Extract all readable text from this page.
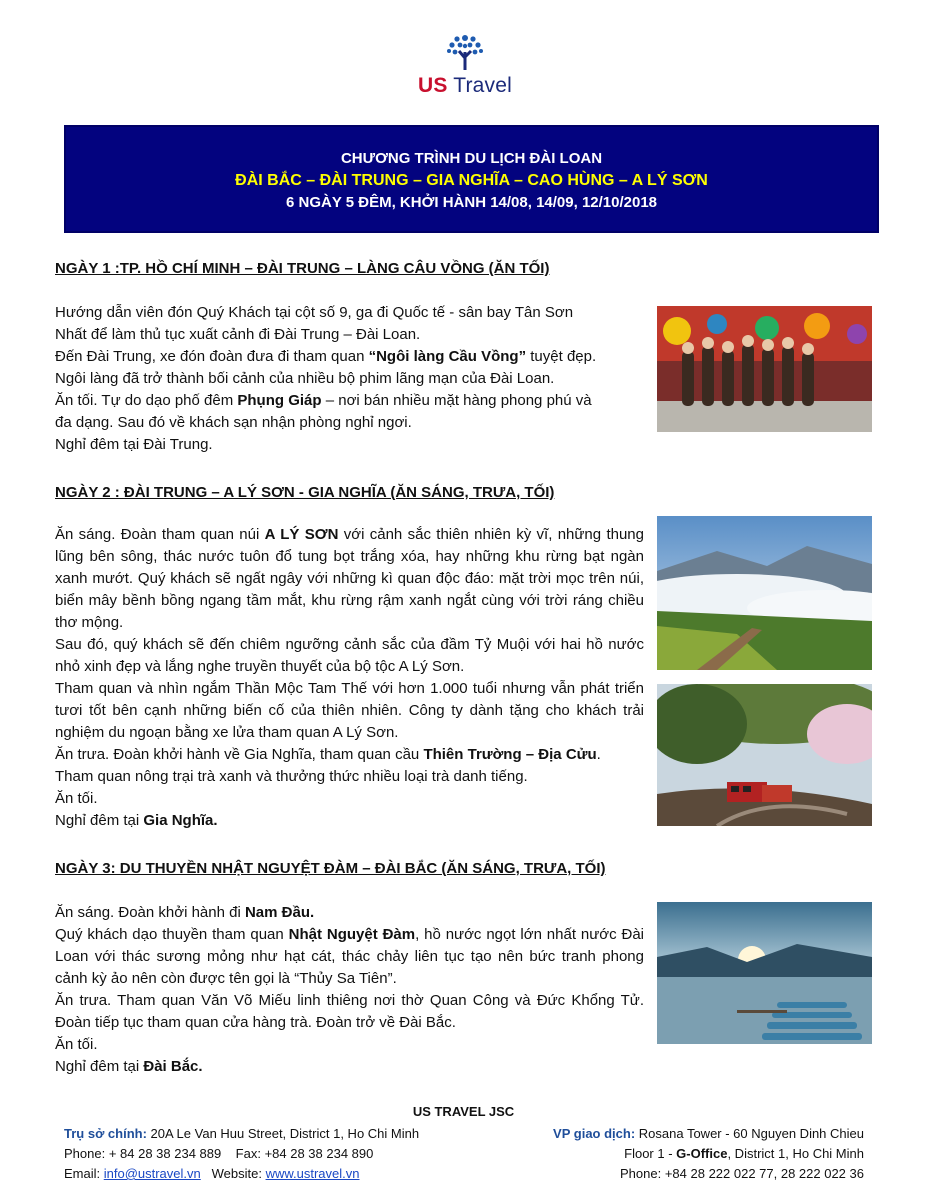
US Travel
CHƯƠNG TRÌNH DU LỊCH ĐÀI LOAN
ĐÀI BẮC – ĐÀI TRUNG – GIA NGHĨA – CAO HÙNG – A LÝ SƠN
6 NGÀY 5 ĐÊM, KHỞI HÀNH 14/08, 14/09, 12/10/2018
NGÀY 1 :TP. HỒ CHÍ MINH – ĐÀI TRUNG – LÀNG CÂU VỒNG (ĂN TỐI)

Hướng dẫn viên đón Quý Khách tại cột số 9, ga đi Quốc tế - sân bay Tân Sơn

Nhất để làm thủ tục xuất cảnh đi Đài Trung – Đài Loan.

Đến Đài Trung, xe đón đoàn đưa đi tham quan “Ngôi làng Cầu Vồng” tuyệt đẹp.

Ngôi làng đã trở thành bối cảnh của nhiều bộ phim lãng mạn của Đài Loan.

Ăn tối. Tự do dạo phố đêm Phụng Giáp – nơi bán nhiều mặt hàng phong phú và

đa dạng. Sau đó về khách sạn nhận phòng nghỉ ngơi.

Nghỉ đêm tại Đài Trung.

NGÀY 2 : ĐÀI TRUNG – A LÝ SƠN - GIA NGHĨA (ĂN SÁNG, TRƯA, TỐI)

Ăn sáng. Đoàn tham quan núi A LÝ SƠN với cảnh sắc thiên nhiên kỳ vĩ, những thung lũng bên sông, thác nước tuôn đổ tung bọt trắng xóa, hay những khu rừng bạt ngàn xanh mướt. Quý khách sẽ ngất ngây với những kì quan độc đáo: mặt trời mọc trên núi, biển mây bềnh bồng ngang tầm mắt, khu rừng rậm xanh ngắt cùng với trời ráng chiều thơ mộng.

Sau đó, quý khách sẽ đến chiêm ngưỡng cảnh sắc của đầm Tỷ Muội với hai hồ nước nhỏ xinh đẹp và lắng nghe truyền thuyết của bộ tộc A Lý Sơn.

Tham quan và nhìn ngắm Thần Mộc Tam Thế với hơn 1.000 tuổi nhưng vẫn phát triển tươi tốt bên cạnh những biến cố của thiên nhiên. Công ty dành tặng cho khách trải nghiệm du ngoạn bằng xe lửa tham quan A Lý Sơn.

Ăn trưa. Đoàn khởi hành về Gia Nghĩa, tham quan cầu Thiên Trường – Địa Cửu.

Tham quan nông trại trà xanh và thưởng thức nhiều loại trà danh tiếng.

Ăn tối.

Nghỉ đêm tại Gia Nghĩa.

NGÀY 3: DU THUYỀN NHẬT NGUYỆT ĐÀM – ĐÀI BẮC (ĂN SÁNG, TRƯA, TỐI)

Ăn sáng. Đoàn khởi hành đi Nam Đầu.

Quý khách dạo thuyền tham quan Nhật Nguyệt Đàm, hồ nước ngọt lớn nhất nước Đài Loan với thác sương mỏng như hạt cát, thác chảy liên tục tạo nên bức tranh phong cảnh kỳ ảo nên còn được tên gọi là “Thủy Sa Tiên”.

Ăn trưa. Tham quan Văn Võ Miếu linh thiêng nơi thờ Quan Công và Đức Khổng Tử. Đoàn tiếp tục tham quan cửa hàng trà. Đoàn trở về Đài Bắc.

Ăn tối.

Nghỉ đêm tại Đài Bắc.

US TRAVEL JSC
Trụ sở chính: 20A Le Van Huu Street, District 1, Ho Chi Minh
Phone: + 84 28 38 234 889    Fax: +84 28 38 234 890
Email: info@ustravel.vn   Website: www.ustravel.vn
VP giao dịch: Rosana Tower - 60 Nguyen Dinh Chieu
Floor 1 - G-Office, District 1, Ho Chi Minh
Phone: +84 28 222 022 77, 28 222 022 36
